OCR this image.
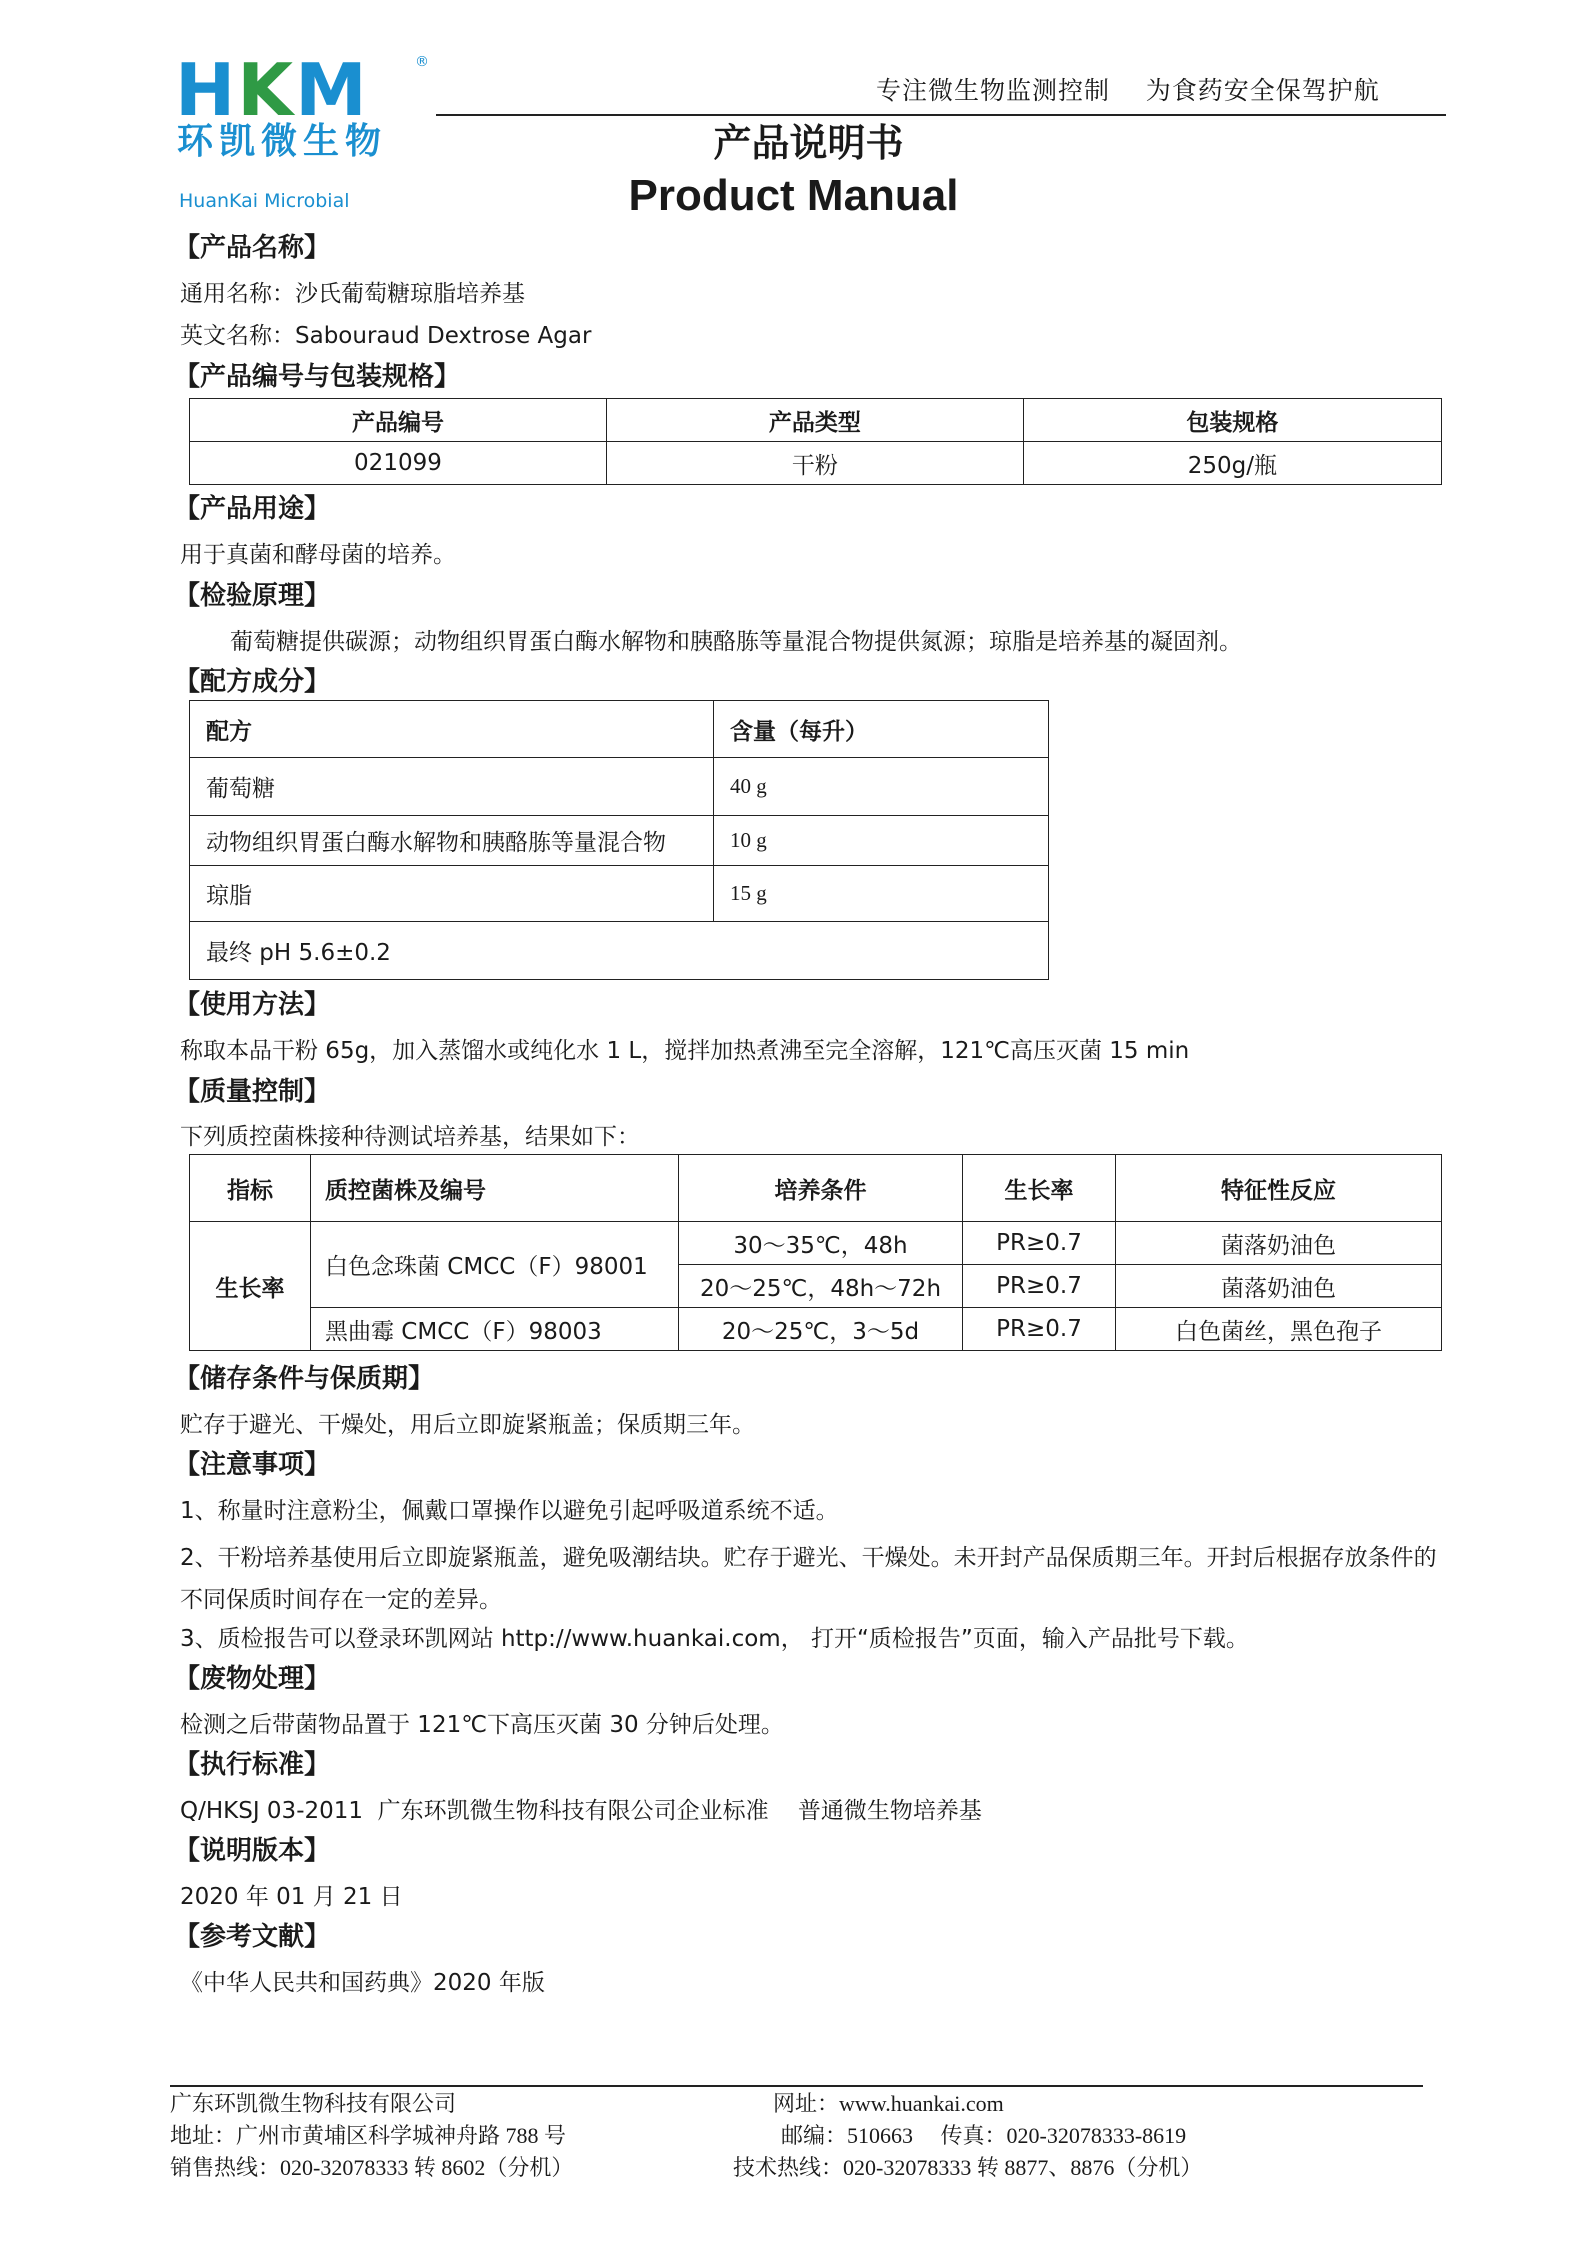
HKM	®
环凯微生物
HuanKai Microbial
专注微生物监测控制    为食药安全保驾护航
产品说明书
Product Manual
【产品名称】
通用名称：沙氏葡萄糖琼脂培养基
英文名称：Sabouraud Dextrose Agar
【产品编号与包装规格】
产品编号	产品类型	包装规格
021099	干粉	250g/瓶
【产品用途】
用于真菌和酵母菌的培养。
【检验原理】
葡萄糖提供碳源；动物组织胃蛋白酶水解物和胰酪胨等量混合物提供氮源；琼脂是培养基的凝固剂。
【配方成分】
配方	含量（每升）
葡萄糖	40 g
动物组织胃蛋白酶水解物和胰酪胨等量混合物	10 g
琼脂	15 g
最终 pH 5.6±0.2	
【使用方法】
称取本品干粉 65g，加入蒸馏水或纯化水 1 L，搅拌加热煮沸至完全溶解，121℃高压灭菌 15 min
【质量控制】
下列质控菌株接种待测试培养基，结果如下：
指标	质控菌株及编号	培养条件	生长率	特征性反应
生长率	白色念珠菌 CMCC（F）98001	30～35℃，48h	PR≥0.7	菌落奶油色
		20～25℃，48h～72h	PR≥0.7	菌落奶油色
	黑曲霉 CMCC（F）98003	20～25℃，3～5d	PR≥0.7	白色菌丝，黑色孢子
【储存条件与保质期】
贮存于避光、干燥处，用后立即旋紧瓶盖；保质期三年。
【注意事项】
1、称量时注意粉尘，佩戴口罩操作以避免引起呼吸道系统不适。
2、干粉培养基使用后立即旋紧瓶盖，避免吸潮结块。贮存于避光、干燥处。未开封产品保质期三年。开封后根据存放条件的不同保质时间存在一定的差异。
3、质检报告可以登录环凯网站 http://www.huankai.com， 打开“质检报告”页面，输入产品批号下载。
【废物处理】
检测之后带菌物品置于 121℃下高压灭菌 30 分钟后处理。
【执行标准】
Q/HKSJ 03-2011  广东环凯微生物科技有限公司企业标准    普通微生物培养基
【说明版本】
2020 年 01 月 21 日
【参考文献】
《中华人民共和国药典》2020 年版
广东环凯微生物科技有限公司
地址：广州市黄埔区科学城神舟路 788 号
销售热线：020-32078333 转 8602（分机）
网址：www.huankai.com
邮编：510663     传真：020-32078333-8619
技术热线：020-32078333 转 8877、8876（分机）
